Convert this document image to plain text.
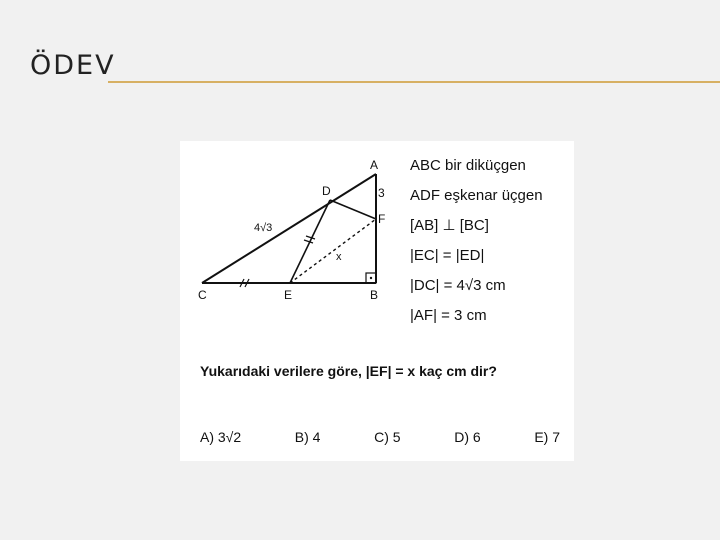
ÖDEV
A
B
C
D
E
F
3
4√3
x
ABC bir diküçgen
ADF eşkenar üçgen
[AB] ⊥ [BC]
|EC| = |ED|
|DC| = 4√3 cm
|AF| = 3 cm
Yukarıdaki verilere göre, |EF| = x kaç cm dir?
A) 3√2	B) 4	C) 5	D) 6	E) 7
